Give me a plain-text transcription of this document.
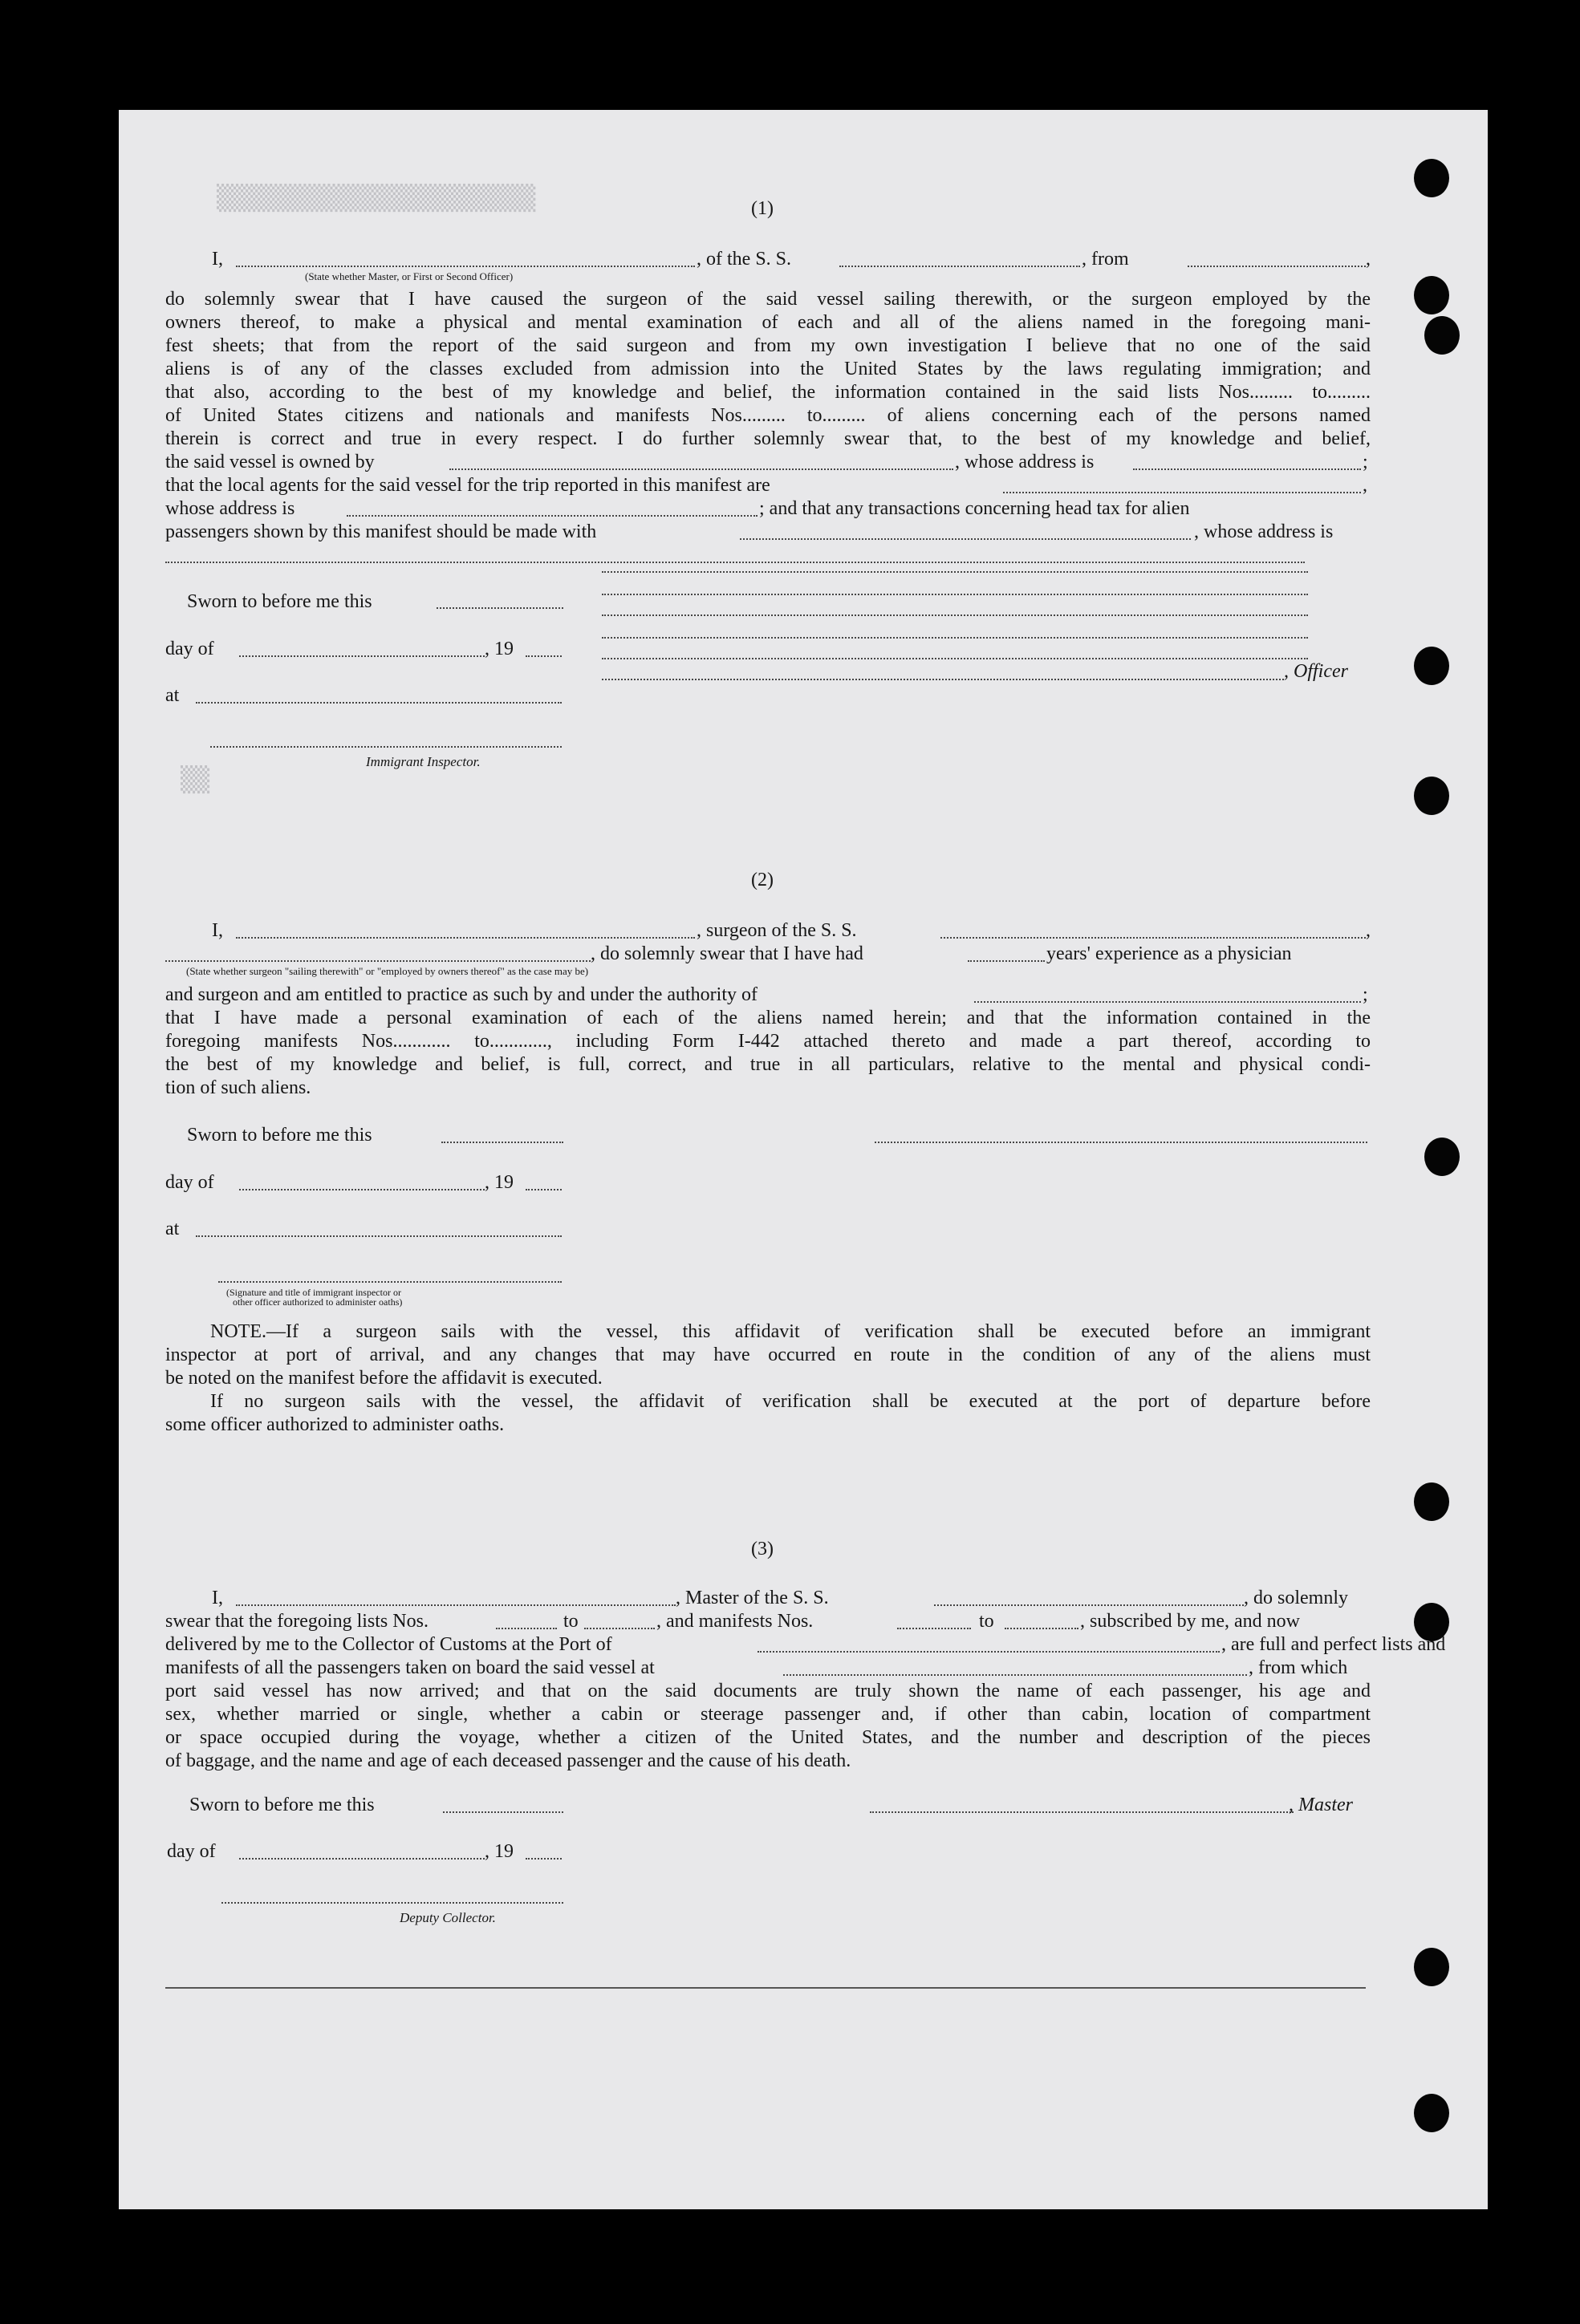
▒▒▒▒▒▒▒▒▒▒▒▒▒▒▒▒▒▒▒▒▒▒
▒▒
(1)
I,	, of the S. S.	, from	,
(State whether Master, or First or Second Officer)
do solemnly swear that I have caused the surgeon of the said vessel sailing therewith, or the surgeon employed by the
owners thereof, to make a physical and mental examination of each and all of the aliens named in the foregoing mani-
fest sheets; that from the report of the said surgeon and from my own investigation I believe that no one of the said
aliens is of any of the classes excluded from admission into the United States by the laws regulating immigration; and
that also, according to the best of my knowledge and belief, the information contained in the said lists Nos......... to.........
of United States citizens and nationals and manifests Nos......... to......... of aliens concerning each of the persons named
therein is correct and true in every respect. I do further solemnly swear that, to the best of my knowledge and belief,
the said vessel is owned by	, whose address is	;
that the local agents for the said vessel for the trip reported in this manifest are	,
whose address is	; and that any transactions concerning head tax for alien
passengers shown by this manifest should be made with	, whose address is
Sworn to before me this
day of	, 19
at
Immigrant Inspector.
, Officer
(2)
I,	, surgeon of the S. S.	,
, do solemnly swear that I have had	years' experience as a physician
(State whether surgeon "sailing therewith" or "employed by owners thereof" as the case may be)
and surgeon and am entitled to practice as such by and under the authority of	;
that I have made a personal examination of each of the aliens named herein; and that the information contained in the
foregoing manifests Nos............ to............, including Form I-442 attached thereto and made a part thereof, according to
the best of my knowledge and belief, is full, correct, and true in all particulars, relative to the mental and physical condi-
tion of such aliens.
Sworn to before me this
day of	, 19
at
(Signature and title of immigrant inspector or
other officer authorized to administer oaths)
NOTE.—If a surgeon sails with the vessel, this affidavit of verification shall be executed before an immigrant
inspector at port of arrival, and any changes that may have occurred en route in the condition of any of the aliens must
be noted on the manifest before the affidavit is executed.
If no surgeon sails with the vessel, the affidavit of verification shall be executed at the port of departure before
some officer authorized to administer oaths.
(3)
I,	, Master of the S. S.	, do solemnly
swear that the foregoing lists Nos.	to	, and manifests Nos.	to	, subscribed by me, and now
delivered by me to the Collector of Customs at the Port of	, are full and perfect lists and
manifests of all the passengers taken on board the said vessel at	, from which
port said vessel has now arrived; and that on the said documents are truly shown the name of each passenger, his age and
sex, whether married or single, whether a cabin or steerage passenger and, if other than cabin, location of compartment
or space occupied during the voyage, whether a citizen of the United States, and the number and description of the pieces
of baggage, and the name and age of each deceased passenger and the cause of his death.
Sworn to before me this	, Master
day of	, 19
Deputy Collector.
